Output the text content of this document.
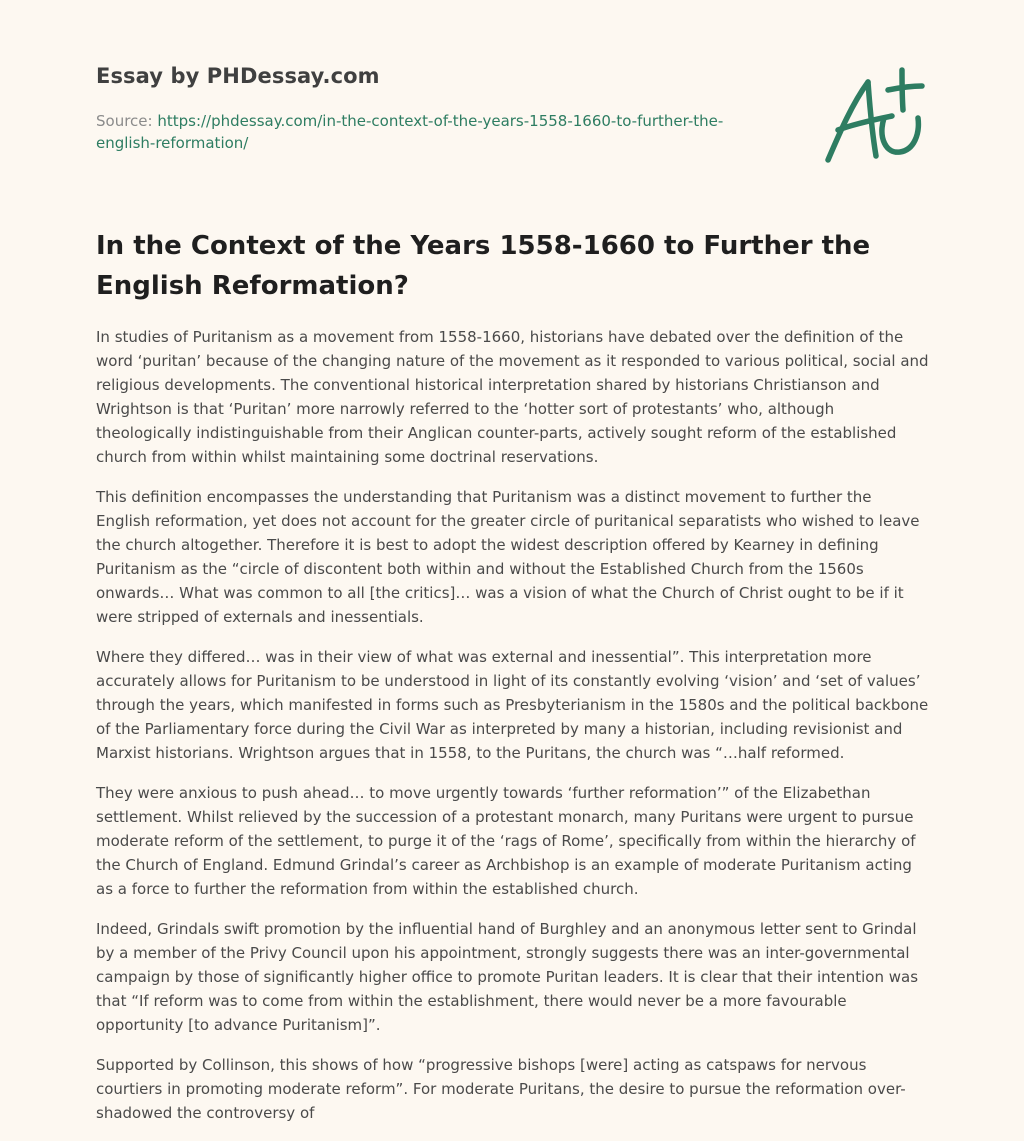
Essay by PHDessay.com
Source: https://phdessay.com/in-the-context-of-the-years-1558-1660-to-further-the-english-reformation/
In the Context of the Years 1558-1660 to Further the English Reformation?

In studies of Puritanism as a movement from 1558-1660, historians have debated over the definition of the word ‘puritan’ because of the changing nature of the movement as it responded to various political, social and religious developments. The conventional historical interpretation shared by historians Christianson and Wrightson is that ‘Puritan’ more narrowly referred to the ‘hotter sort of protestants’ who, although theologically indistinguishable from their Anglican counter-parts, actively sought reform of the established church from within whilst maintaining some doctrinal reservations.

This definition encompasses the understanding that Puritanism was a distinct movement to further the English reformation, yet does not account for the greater circle of puritanical separatists who wished to leave the church altogether. Therefore it is best to adopt the widest description offered by Kearney in defining Puritanism as the “circle of discontent both within and without the Established Church from the 1560s onwards… What was common to all [the critics]… was a vision of what the Church of Christ ought to be if it were stripped of externals and inessentials.

Where they differed… was in their view of what was external and inessential”. This interpretation more accurately allows for Puritanism to be understood in light of its constantly evolving ‘vision’ and ‘set of values’ through the years, which manifested in forms such as Presbyterianism in the 1580s and the political backbone of the Parliamentary force during the Civil War as interpreted by many a historian, including revisionist and Marxist historians. Wrightson argues that in 1558, to the Puritans, the church was “…half reformed.

They were anxious to push ahead… to move urgently towards ‘further reformation’” of the Elizabethan settlement. Whilst relieved by the succession of a protestant monarch, many Puritans were urgent to pursue moderate reform of the settlement, to purge it of the ‘rags of Rome’, specifically from within the hierarchy of the Church of England. Edmund Grindal’s career as Archbishop is an example of moderate Puritanism acting as a force to further the reformation from within the established church.

Indeed, Grindals swift promotion by the influential hand of Burghley and an anonymous letter sent to Grindal by a member of the Privy Council upon his appointment, strongly suggests there was an inter-governmental campaign by those of significantly higher office to promote Puritan leaders. It is clear that their intention was that “If reform was to come from within the establishment, there would never be a more favourable opportunity [to advance Puritanism]”.

Supported by Collinson, this shows of how “progressive bishops [were] acting as catspaws for nervous courtiers in promoting moderate reform”. For moderate Puritans, the desire to pursue the reformation over-shadowed the controversy of
